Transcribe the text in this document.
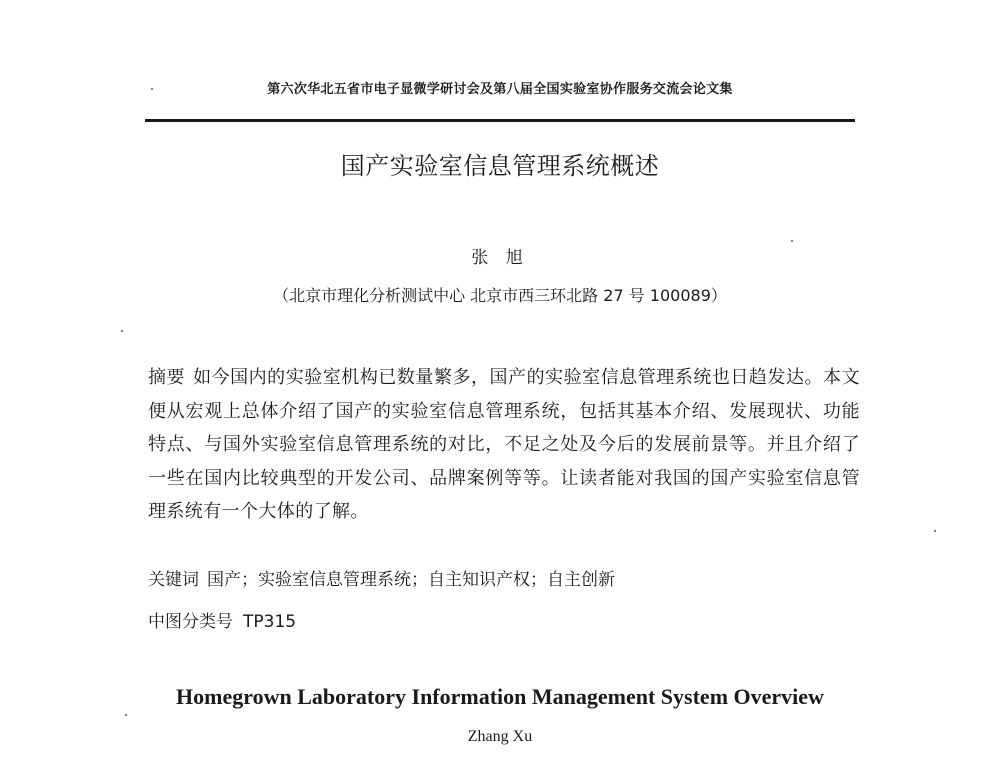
第六次华北五省市电子显微学研讨会及第八届全国实验室协作服务交流会论文集
国产实验室信息管理系统概述
张 旭
（北京市理化分析测试中心 北京市西三环北路 27 号 100089）

摘要 如今国内的实验室机构已数量繁多，国产的实验室信息管理系统也日趋发达。本文便从宏观上总体介绍了国产的实验室信息管理系统，包括其基本介绍、发展现状、功能特点、与国外实验室信息管理系统的对比，不足之处及今后的发展前景等。并且介绍了一些在国内比较典型的开发公司、品牌案例等等。让读者能对我国的国产实验室信息管理系统有一个大体的了解。

关键词 国产；实验室信息管理系统；自主知识产权；自主创新
中图分类号 TP315
Homegrown Laboratory Information Management System Overview
Zhang Xu
